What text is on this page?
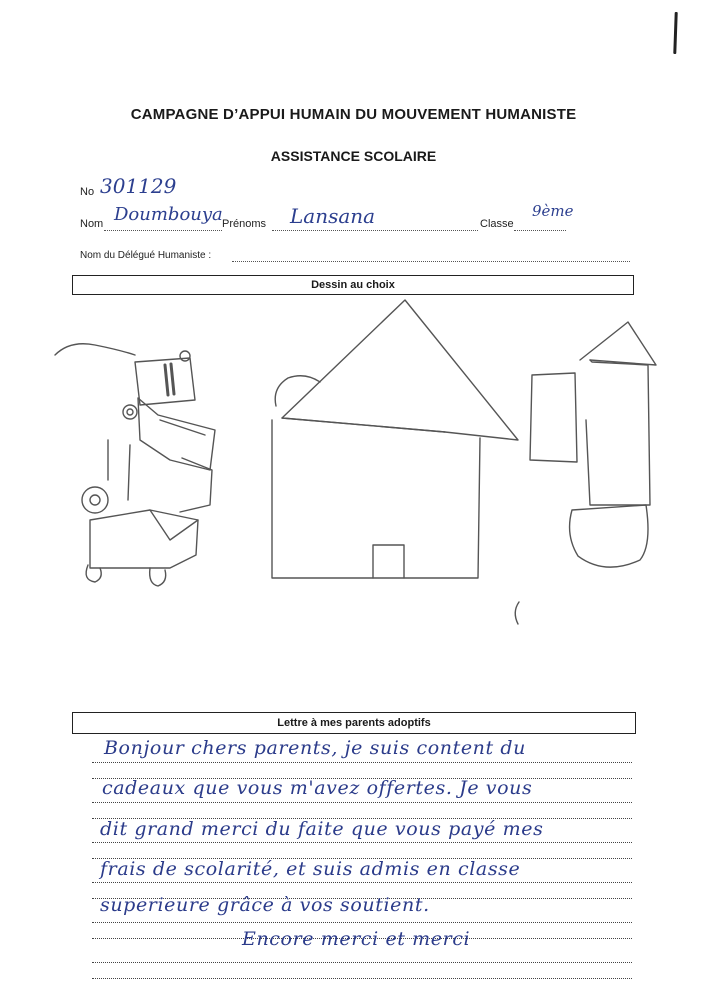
CAMPAGNE D’APPUI HUMAIN DU MOUVEMENT HUMANISTE
ASSISTANCE SCOLAIRE
No 301129
Nom Doumbouya Prénoms Lansana	Classe
9ème
Nom du Délégué Humaniste :
Dessin au choix
Lettre à mes parents adoptifs
Bonjour chers parents, je suis content du
cadeaux que vous m'avez offertes. Je vous
dit grand merci du faite que vous payé mes
frais de scolarité, et suis admis en classe
superieure grâce à vos soutient.
Encore merci et merci
